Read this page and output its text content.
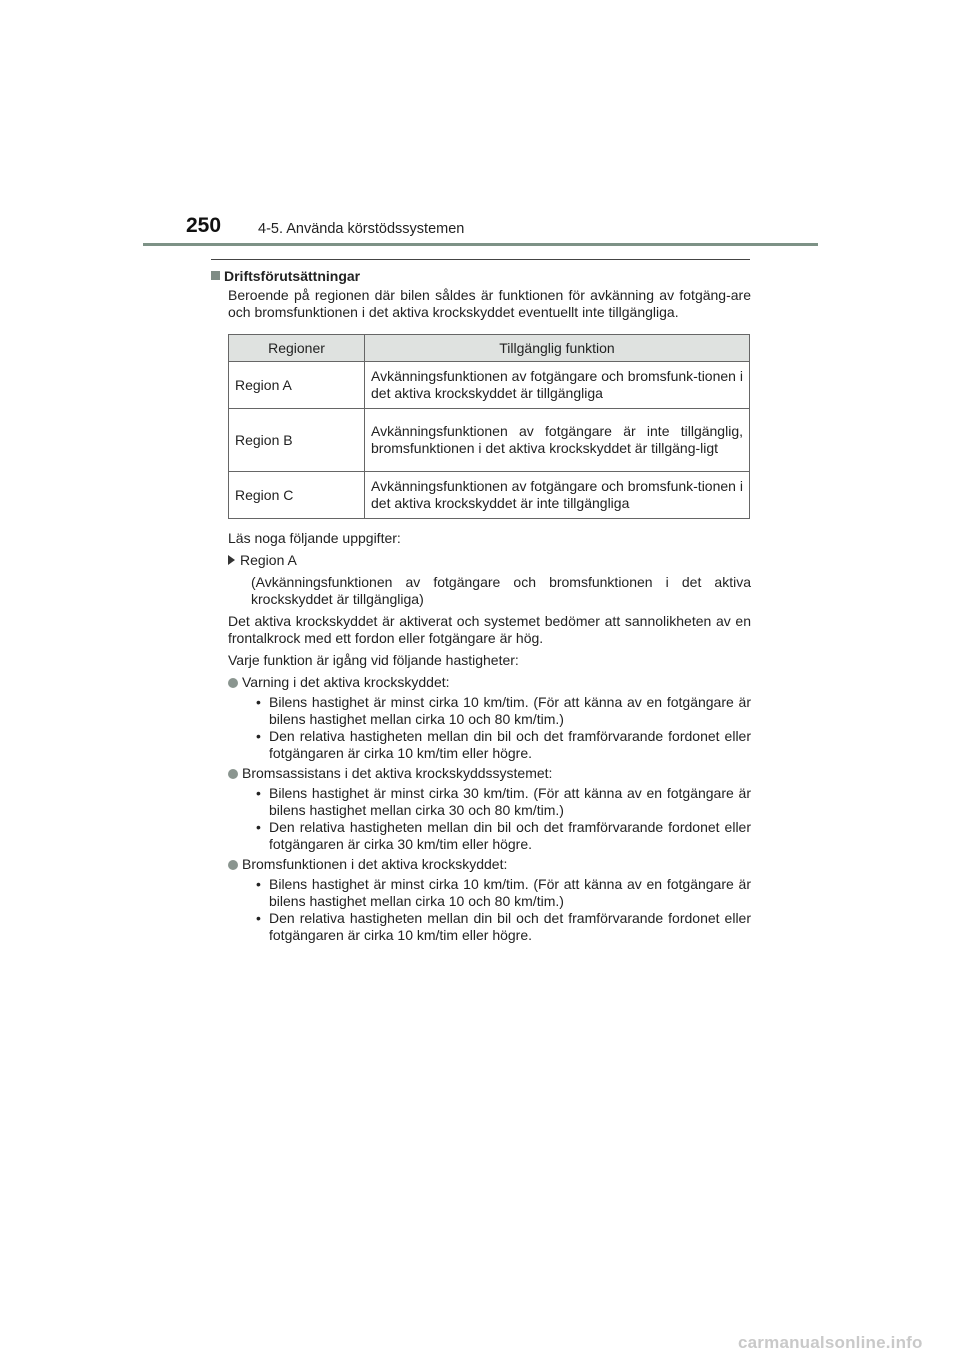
250	4-5. Använda körstödssystemen
Driftsförutsättningar

Beroende på regionen där bilen såldes är funktionen för avkänning av fotgäng-are och bromsfunktionen i det aktiva krockskyddet eventuellt inte tillgängliga.

Regioner	Tillgänglig funktion
Region A	Avkänningsfunktionen av fotgängare och bromsfunk-tionen i det aktiva krockskyddet är tillgängliga
Region B	Avkänningsfunktionen av fotgängare är inte tillgänglig, bromsfunktionen i det aktiva krockskyddet är tillgäng-ligt
Region C	Avkänningsfunktionen av fotgängare och bromsfunk-tionen i det aktiva krockskyddet är inte tillgängliga

Läs noga följande uppgifter:

Region A

(Avkänningsfunktionen av fotgängare och bromsfunktionen i det aktiva krockskyddet är tillgängliga)

Det aktiva krockskyddet är aktiverat och systemet bedömer att sannolikheten av en frontalkrock med ett fordon eller fotgängare är hög.

Varje funktion är igång vid följande hastigheter:

Varning i det aktiva krockskyddet:

• Bilens hastighet är minst cirka 10 km/tim. (För att känna av en fotgängare är bilens hastighet mellan cirka 10 och 80 km/tim.)
• Den relativa hastigheten mellan din bil och det framförvarande fordonet eller fotgängaren är cirka 10 km/tim eller högre.

Bromsassistans i det aktiva krockskyddssystemet:

• Bilens hastighet är minst cirka 30 km/tim. (För att känna av en fotgängare är bilens hastighet mellan cirka 30 och 80 km/tim.)
• Den relativa hastigheten mellan din bil och det framförvarande fordonet eller fotgängaren är cirka 30 km/tim eller högre.

Bromsfunktionen i det aktiva krockskyddet:

• Bilens hastighet är minst cirka 10 km/tim. (För att känna av en fotgängare är bilens hastighet mellan cirka 10 och 80 km/tim.)
• Den relativa hastigheten mellan din bil och det framförvarande fordonet eller fotgängaren är cirka 10 km/tim eller högre.
carmanualsonline.info
